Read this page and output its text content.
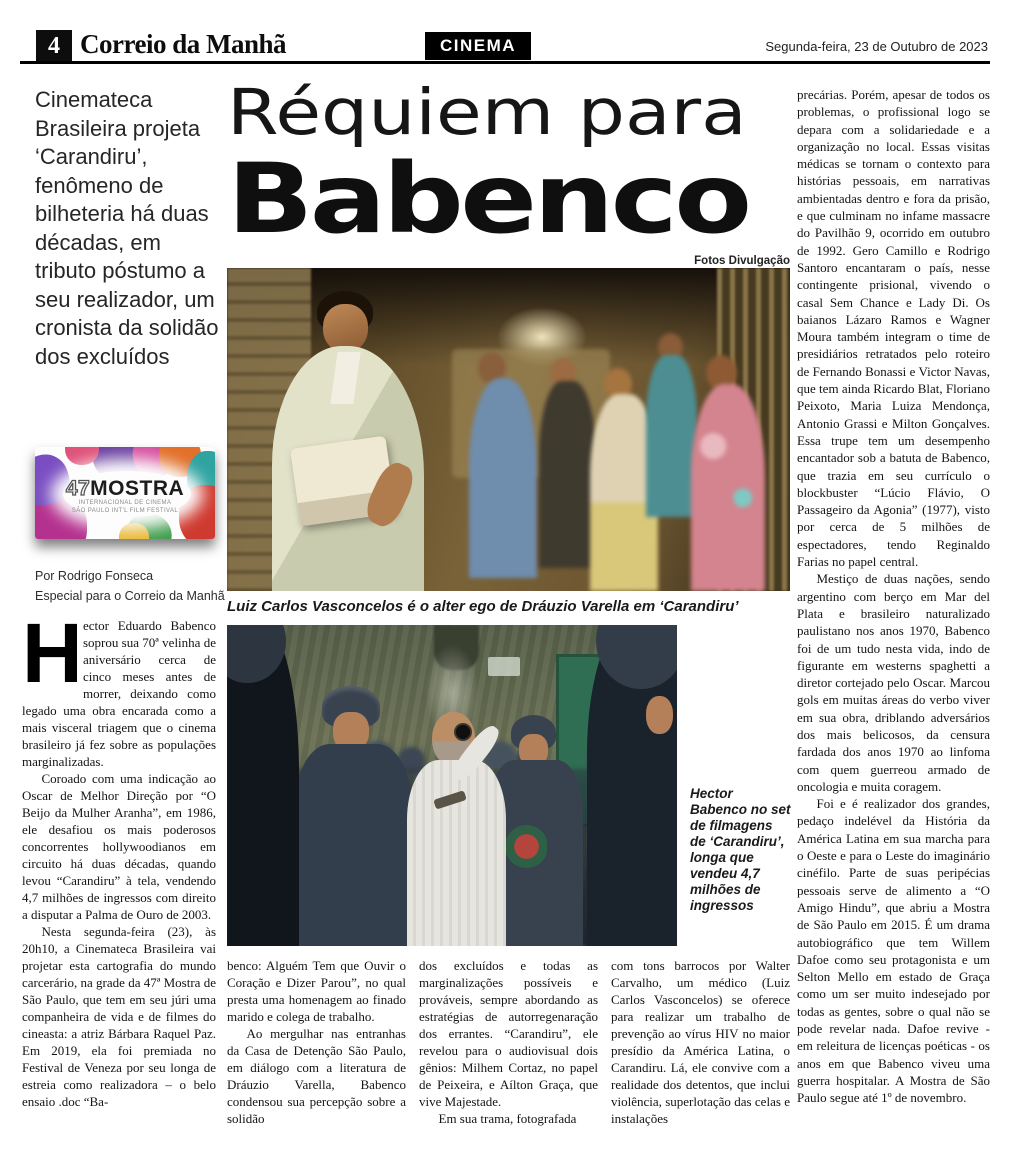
4 Correio da Manhã	CINEMA	Segunda-feira, 23 de Outubro de 2023
Cinemateca Brasileira projeta ‘Carandiru’, fenômeno de bilheteria há duas décadas, em tributo póstumo a seu realizador, um cronista da solidão dos excluídos
47MOSTRA
INTERNACIONAL DE CINEMA
SÃO PAULO INT'L FILM FESTIVAL
Por Rodrigo Fonseca
Especial para o Correio da Manhã
Réquiem para
Babenco
Fotos Divulgação
Luiz Carlos Vasconcelos é o alter ego de Dráuzio Varella em ‘Carandiru’
Hector Babenco no set de filmagens de ‘Carandiru’, longa que vendeu 4,7 milhões de ingressos

Hector Eduardo Babenco soprou sua 70ª velinha de aniversário cerca de cinco meses antes de morrer, deixando como legado uma obra encarada como a mais visceral triagem que o cinema brasileiro já fez sobre as populações marginalizadas.

Coroado com uma indicação ao Oscar de Melhor Direção por “O Beijo da Mulher Aranha”, em 1986, ele desafiou os mais poderosos concorrentes hollywoodianos em circuito há duas décadas, quando levou “Carandiru” à tela, vendendo 4,7 milhões de ingressos com direito a disputar a Palma de Ouro de 2003.

Nesta segunda-feira (23), às 20h10, a Cinemateca Brasileira vai projetar esta cartografia do mundo carcerário, na grade da 47ª Mostra de São Paulo, que tem em seu júri uma companheira de vida e de filmes do cineasta: a atriz Bárbara Raquel Paz. Em 2019, ela foi premiada no Festival de Veneza por seu longa de estreia como realizadora – o belo ensaio .doc “Ba-

benco: Alguém Tem que Ouvir o Coração e Dizer Parou”, no qual presta uma homenagem ao finado marido e colega de trabalho.

Ao mergulhar nas entranhas da Casa de Detenção São Paulo, em diálogo com a literatura de Dráuzio Varella, Babenco condensou sua percepção sobre a solidão

dos excluídos e todas as marginalizações possíveis e prováveis, sempre abordando as estratégias de autorregenaração dos errantes. “Carandiru”, ele revelou para o audiovisual dois gênios: Milhem Cortaz, no papel de Peixeira, e Aílton Graça, que vive Majestade.

Em sua trama, fotografada

com tons barrocos por Walter Carvalho, um médico (Luiz Carlos Vasconcelos) se oferece para realizar um trabalho de prevenção ao vírus HIV no maior presídio da América Latina, o Carandiru. Lá, ele convive com a realidade dos detentos, que inclui violência, superlotação das celas e instalações

precárias. Porém, apesar de todos os problemas, o profissional logo se depara com a solidariedade e a organização no local. Essas visitas médicas se tornam o contexto para histórias pessoais, em narrativas ambientadas dentro e fora da prisão, e que culminam no infame massacre do Pavilhão 9, ocorrido em outubro de 1992. Gero Camillo e Rodrigo Santoro encantaram o país, nesse contingente prisional, vivendo o casal Sem Chance e Lady Di. Os baianos Lázaro Ramos e Wagner Moura também integram o time de presidiários retratados pelo roteiro de Fernando Bonassi e Victor Navas, que tem ainda Ricardo Blat, Floriano Peixoto, Maria Luiza Mendonça, Antonio Grassi e Milton Gonçalves. Essa trupe tem um desempenho encantador sob a batuta de Babenco, que trazia em seu currículo o blockbuster “Lúcio Flávio, O Passageiro da Agonia” (1977), visto por cerca de 5 milhões de espectadores, tendo Reginaldo Farias no papel central.

Mestiço de duas nações, sendo argentino com berço em Mar del Plata e brasileiro naturalizado paulistano nos anos 1970, Babenco foi de um tudo nesta vida, indo de figurante em westerns spaghetti a diretor cortejado pelo Oscar. Marcou gols em muitas áreas do verbo viver em sua obra, driblando adversários dos mais belicosos, da censura fardada dos anos 1970 ao linfoma com quem guerreou armado de oncologia e muita coragem.

Foi e é realizador dos grandes, pedaço indelével da História da América Latina em sua marcha para o Oeste e para o Leste do imaginário cinéfilo. Parte de suas peripécias pessoais serve de alimento a “O Amigo Hindu”, que abriu a Mostra de São Paulo em 2015. É um drama autobiográfico que tem Willem Dafoe como seu protagonista e um Selton Mello em estado de Graça como um ser muito indesejado por todas as gentes, sobre o qual não se pode revelar nada. Dafoe revive - em releitura de licenças poéticas - os anos em que Babenco viveu uma guerra hospitalar. A Mostra de São Paulo segue até 1º de novembro.
